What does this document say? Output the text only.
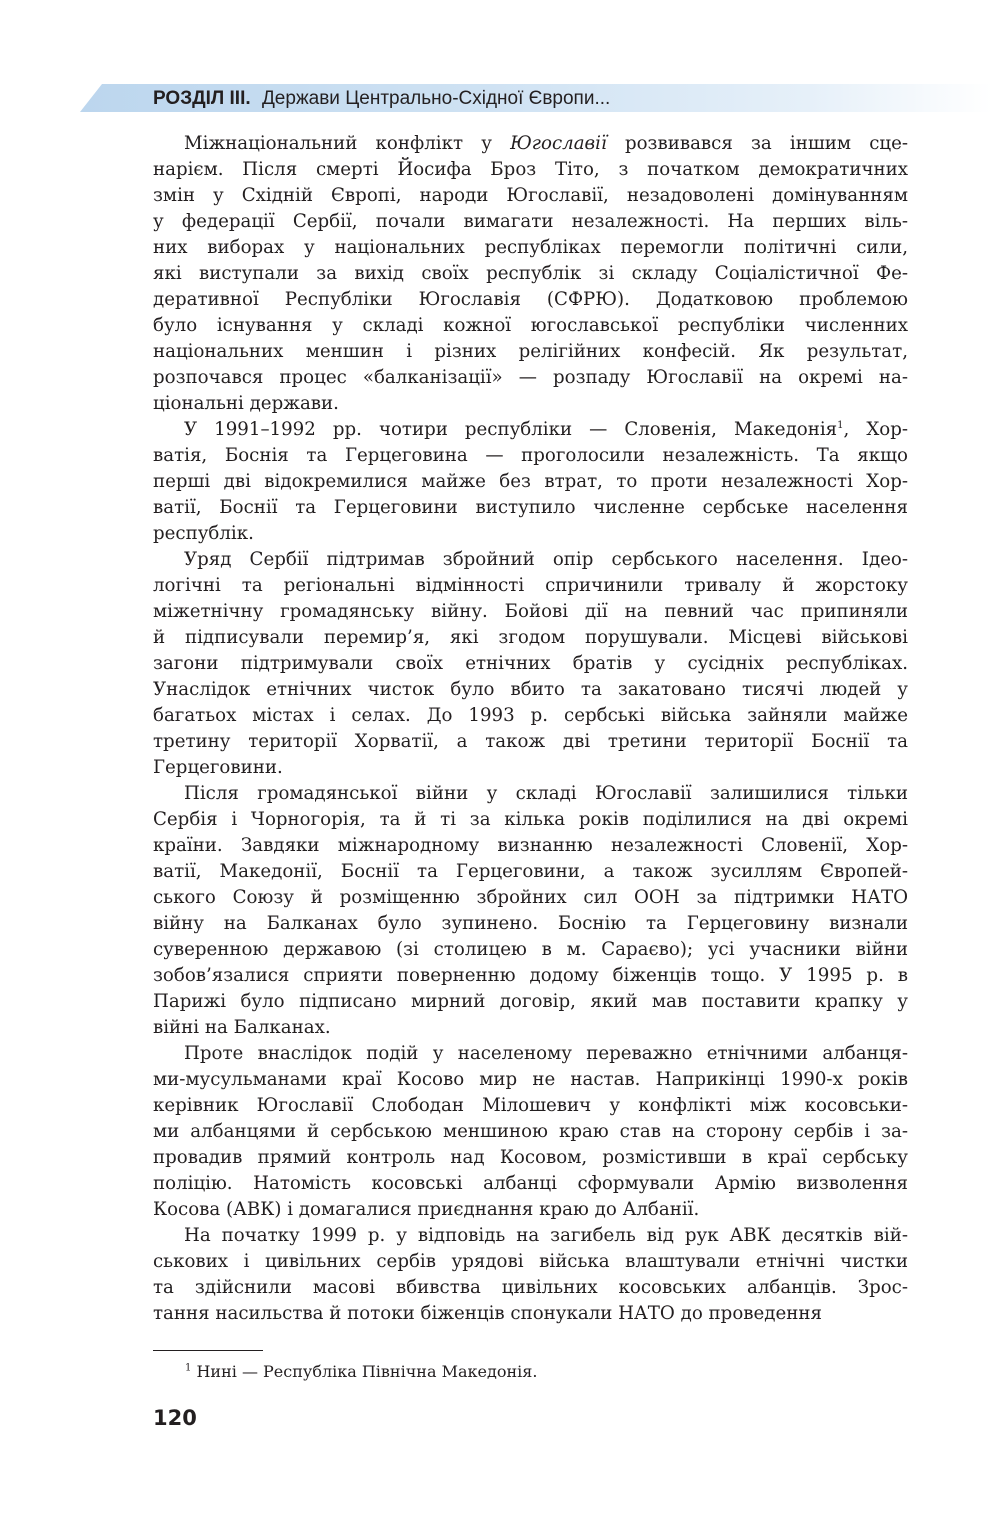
РОЗДІЛ ІІІ. Держави Центрально-Східної Європи...
Міжнаціональний конфлікт у Югославії розвивався за іншим сце-
нарієм. Після смерті Йосифа Броз Тіто, з початком демократичних
змін у Східній Європі, народи Югославії, незадоволені домінуванням
у федерації Сербії, почали вимагати незалежності. На перших віль-
них виборах у національних республіках перемогли політичні сили,
які виступали за вихід своїх республік зі складу Соціалістичної Фе-
деративної Республіки Югославія (СФРЮ). Додатковою проблемою
було існування у складі кожної югославської республіки численних
національних меншин і різних релігійних конфесій. Як результат,
розпочався процес «балканізації» — розпаду Югославії на окремі на-
ціональні держави.
У 1991–1992 рр. чотири республіки — Словенія, Македонія$^1$, Хор-
ватія, Боснія та Герцеговина — проголосили незалежність. Та якщо
перші дві відокремилися майже без втрат, то проти незалежності Хор-
ватії, Боснії та Герцеговини виступило численне сербське населення
республік.
Уряд Сербії підтримав збройний опір сербського населення. Ідео-
логічні та регіональні відмінності спричинили тривалу й жорстоку
міжетнічну громадянську війну. Бойові дії на певний час припиняли
й підписували перемир’я, які згодом порушували. Місцеві військові
загони підтримували своїх етнічних братів у сусідніх республіках.
Унаслідок етнічних чисток було вбито та закатовано тисячі людей у
багатьох містах і селах. До 1993 р. сербські війська зайняли майже
третину території Хорватії, а також дві третини території Боснії та
Герцеговини.
Після громадянської війни у складі Югославії залишилися тільки
Сербія і Чорногорія, та й ті за кілька років поділилися на дві окремі
країни. Завдяки міжнародному визнанню незалежності Словенії, Хор-
ватії, Македонії, Боснії та Герцеговини, а також зусиллям Європей-
ського Союзу й розміщенню збройних сил ООН за підтримки НАТО
війну на Балканах було зупинено. Боснію та Герцеговину визнали
суверенною державою (зі столицею в м. Сараєво); усі учасники війни
зобов’язалися сприяти поверненню додому біженців тощо. У 1995 р. в
Парижі було підписано мирний договір, який мав поставити крапку у
війні на Балканах.
Проте внаслідок подій у населеному переважно етнічними албанця-
ми-мусульманами краї Косово мир не настав. Наприкінці 1990-х років
керівник Югославії Слободан Мілошевич у конфлікті між косовськи-
ми албанцями й сербською меншиною краю став на сторону сербів і за-
провадив прямий контроль над Косовом, розмістивши в краї сербську
поліцію. Натомість косовські албанці сформували Армію визволення
Косова (АВК) і домагалися приєднання краю до Албанії.
На початку 1999 р. у відповідь на загибель від рук АВК десятків вій-
ськових і цивільних сербів урядові війська влаштували етнічні чистки
та здійснили масові вбивства цивільних косовських албанців. Зрос-
тання насильства й потоки біженців спонукали НАТО до проведення
$^1$ Нині — Республіка Північна Македонія.
120
